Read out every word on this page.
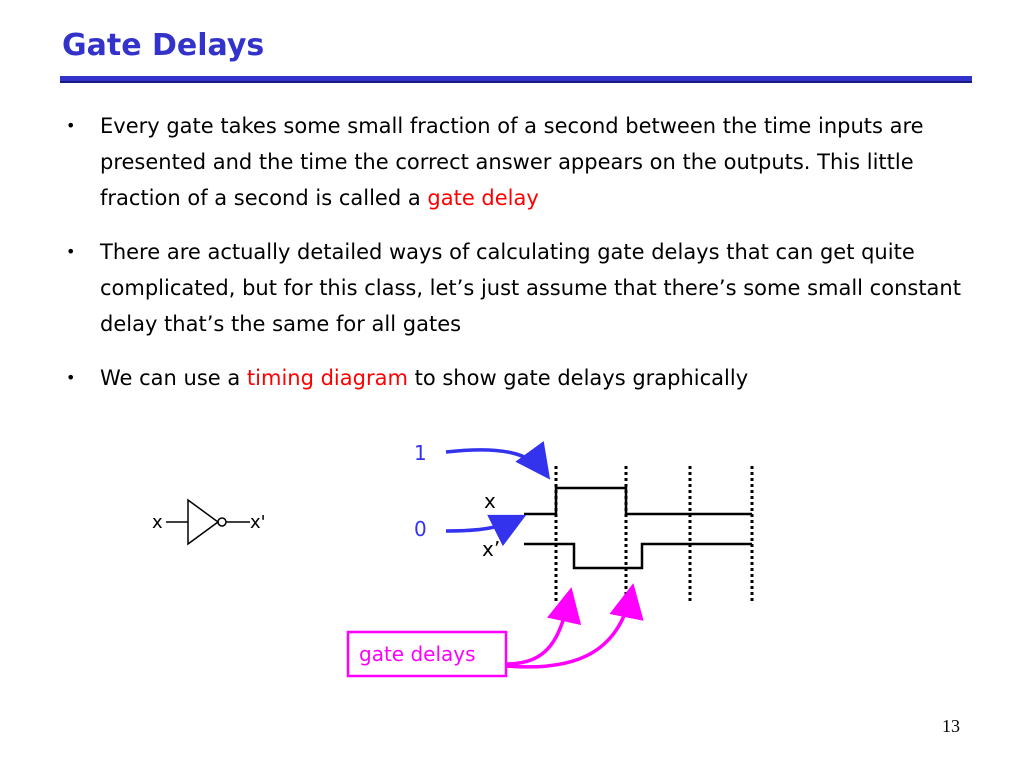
Gate Delays
• Every gate takes some small fraction of a second between the time inputs are presented and the time the correct answer appears on the outputs. This little fraction of a second is called a gate delay
• There are actually detailed ways of calculating gate delays that can get quite complicated, but for this class, let’s just assume that there’s some small constant delay that’s the same for all gates
• We can use a timing diagram to show gate delays graphically
x	x'
x
x’
1
0
gate delays
13
